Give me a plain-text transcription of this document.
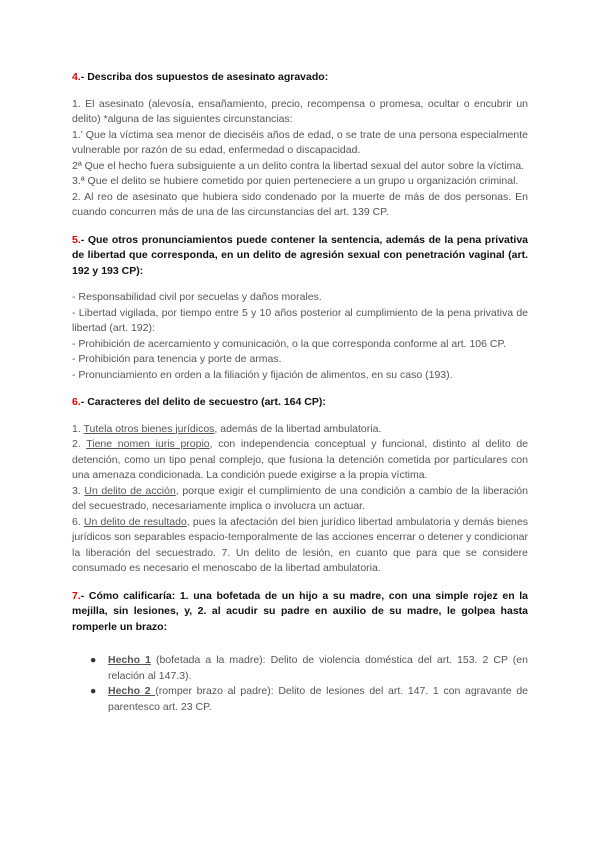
4.- Describa dos supuestos de asesinato agravado:

1. El asesinato (alevosía, ensañamiento, precio, recompensa o promesa, ocultar o encubrir un delito) *alguna de las siguientes circunstancias:

1.' Que la víctima sea menor de dieciséis años de edad, o se trate de una persona especialmente vulnerable por razón de su edad, enfermedad o discapacidad.

2ª Que el hecho fuera subsiguiente a un delito contra la libertad sexual del autor sobre la víctima.

3.ª Que el delito se hubiere cometido por quien perteneciere a un grupo u organización criminal.

2. Al reo de asesinato que hubiera sido condenado por la muerte de más de dos personas. En cuando concurren más de una de las circunstancias del art. 139 CP.

5.- Que otros pronunciamientos puede contener la sentencia, además de la pena privativa de libertad que corresponda, en un delito de agresión sexual con penetración vaginal (art. 192 y 193 CP):

- Responsabilidad civil por secuelas y daños morales.

- Libertad vigilada, por tiempo entre 5 y 10 años posterior al cumplimiento de la pena privativa de libertad (art. 192):

- Prohibición de acercamiento y comunicación, o la que corresponda conforme al art. 106 CP.

- Prohibición para tenencia y porte de armas.

- Pronunciamiento en orden a la filiación y fijación de alimentos, en su caso (193).

6.- Caracteres del delito de secuestro (art. 164 CP):

1. Tutela otros bienes jurídicos, además de la libertad ambulatoria.

2. Tiene nomen iuris propio, con independencia conceptual y funcional, distinto al delito de detención, como un tipo penal complejo, que fusiona la detención cometida por particulares con una amenaza condicionada. La condición puede exigirse a la propia víctima.

3. Un delito de acción, porque exigir el cumplimiento de una condición a cambio de la liberación del secuestrado, necesariamente implica o involucra un actuar.

6. Un delito de resultado, pues la afectación del bien jurídico libertad ambulatoria y demás bienes jurídicos son separables espacio-temporalmente de las acciones encerrar o detener y condicionar la liberación del secuestrado. 7. Un delito de lesión, en cuanto que para que se considere consumado es necesario el menoscabo de la libertad ambulatoria.

7.- Cómo calificaría: 1. una bofetada de un hijo a su madre, con una simple rojez en la mejilla, sin lesiones, y, 2. al acudir su padre en auxilio de su madre, le golpea hasta romperle un brazo:

● Hecho 1 (bofetada a la madre): Delito de violencia doméstica del art. 153. 2 CP (en relación al 147.3).
● Hecho 2 (romper brazo al padre): Delito de lesiones del art. 147. 1 con agravante de parentesco art. 23 CP.
